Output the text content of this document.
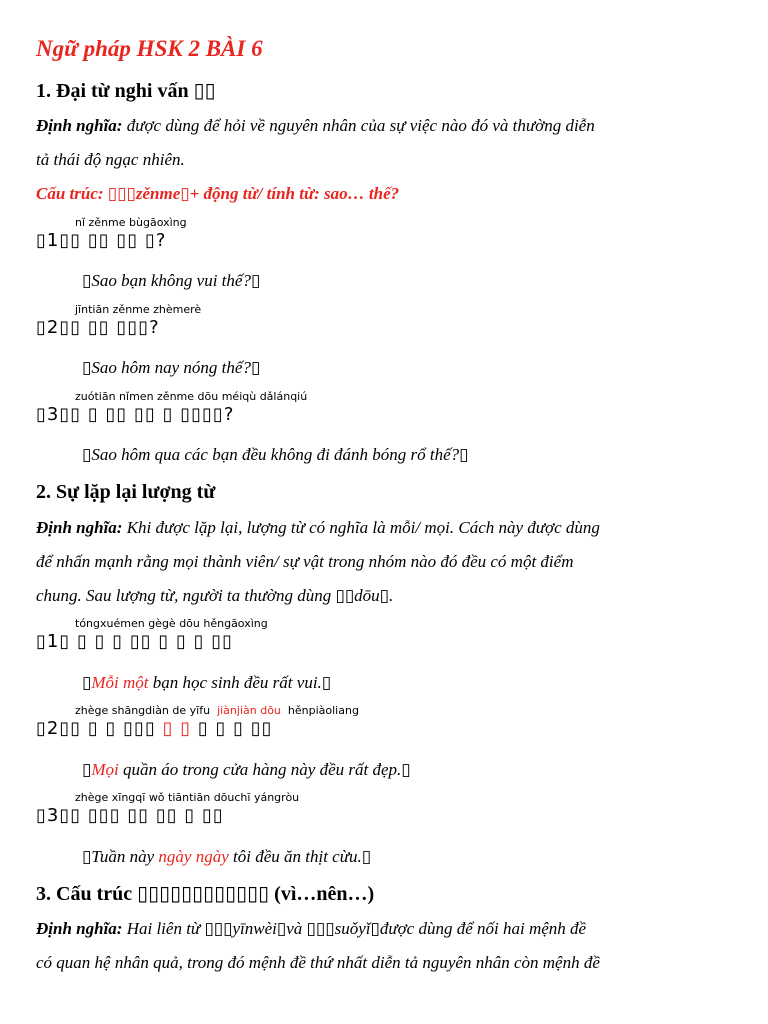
Ngữ pháp HSK 2 BÀI 6
1. Đại từ nghi vấn ▯▯
Định nghĩa: được dùng để hỏi về nguyên nhân của sự việc nào đó và thường diễn
tả thái độ ngạc nhiên.
Cấu trúc: ▯▯▯zěnme▯+ động từ/ tính từ: sao… thế?
nǐ zěnme bùgāoxìng
▯1▯▯ ▯▯ ▯▯ ▯?
▯Sao bạn không vui thế?▯
jīntiān zěnme zhèmerè
▯2▯▯ ▯▯ ▯▯▯?
▯Sao hôm nay nóng thế?▯
zuótiān nǐmen zěnme dōu méiqù dǎlánqiú
▯3▯▯ ▯ ▯▯ ▯▯ ▯ ▯▯▯▯?
▯Sao hôm qua các bạn đều không đi đánh bóng rổ thế?▯
2. Sự lặp lại lượng từ
Định nghĩa: Khi được lặp lại, lượng từ có nghĩa là mỗi/ mọi. Cách này được dùng
để nhấn mạnh rằng mọi thành viên/ sự vật trong nhóm nào đó đều có một điểm
chung. Sau lượng từ, người ta thường dùng ▯▯dōu▯.
tóngxuémen gègè dōu hěngāoxìng
▯1▯ ▯ ▯ ▯ ▯▯ ▯ ▯ ▯ ▯▯
▯Mỗi một bạn học sinh đều rất vui.▯
zhège shāngdiàn de yīfu jiànjiàn dōu hěnpiàoliang
▯2▯▯ ▯ ▯ ▯▯▯ ▯ ▯ ▯ ▯ ▯ ▯▯
▯Mọi quần áo trong cửa hàng này đều rất đẹp.▯
zhège xīngqī wǒ tiāntiān dōuchī yángròu
▯3▯▯ ▯▯▯ ▯▯ ▯▯ ▯ ▯▯
▯Tuần này ngày ngày tôi đều ăn thịt cừu.▯
3. Cấu trúc ▯▯▯▯▯▯▯▯▯▯▯▯ (vì…nên…)
Định nghĩa: Hai liên từ ▯▯▯yīnwèi▯và ▯▯▯suǒyǐ▯được dùng để nối hai mệnh đề
có quan hệ nhân quả, trong đó mệnh đề thứ nhất diễn tả nguyên nhân còn mệnh đề
